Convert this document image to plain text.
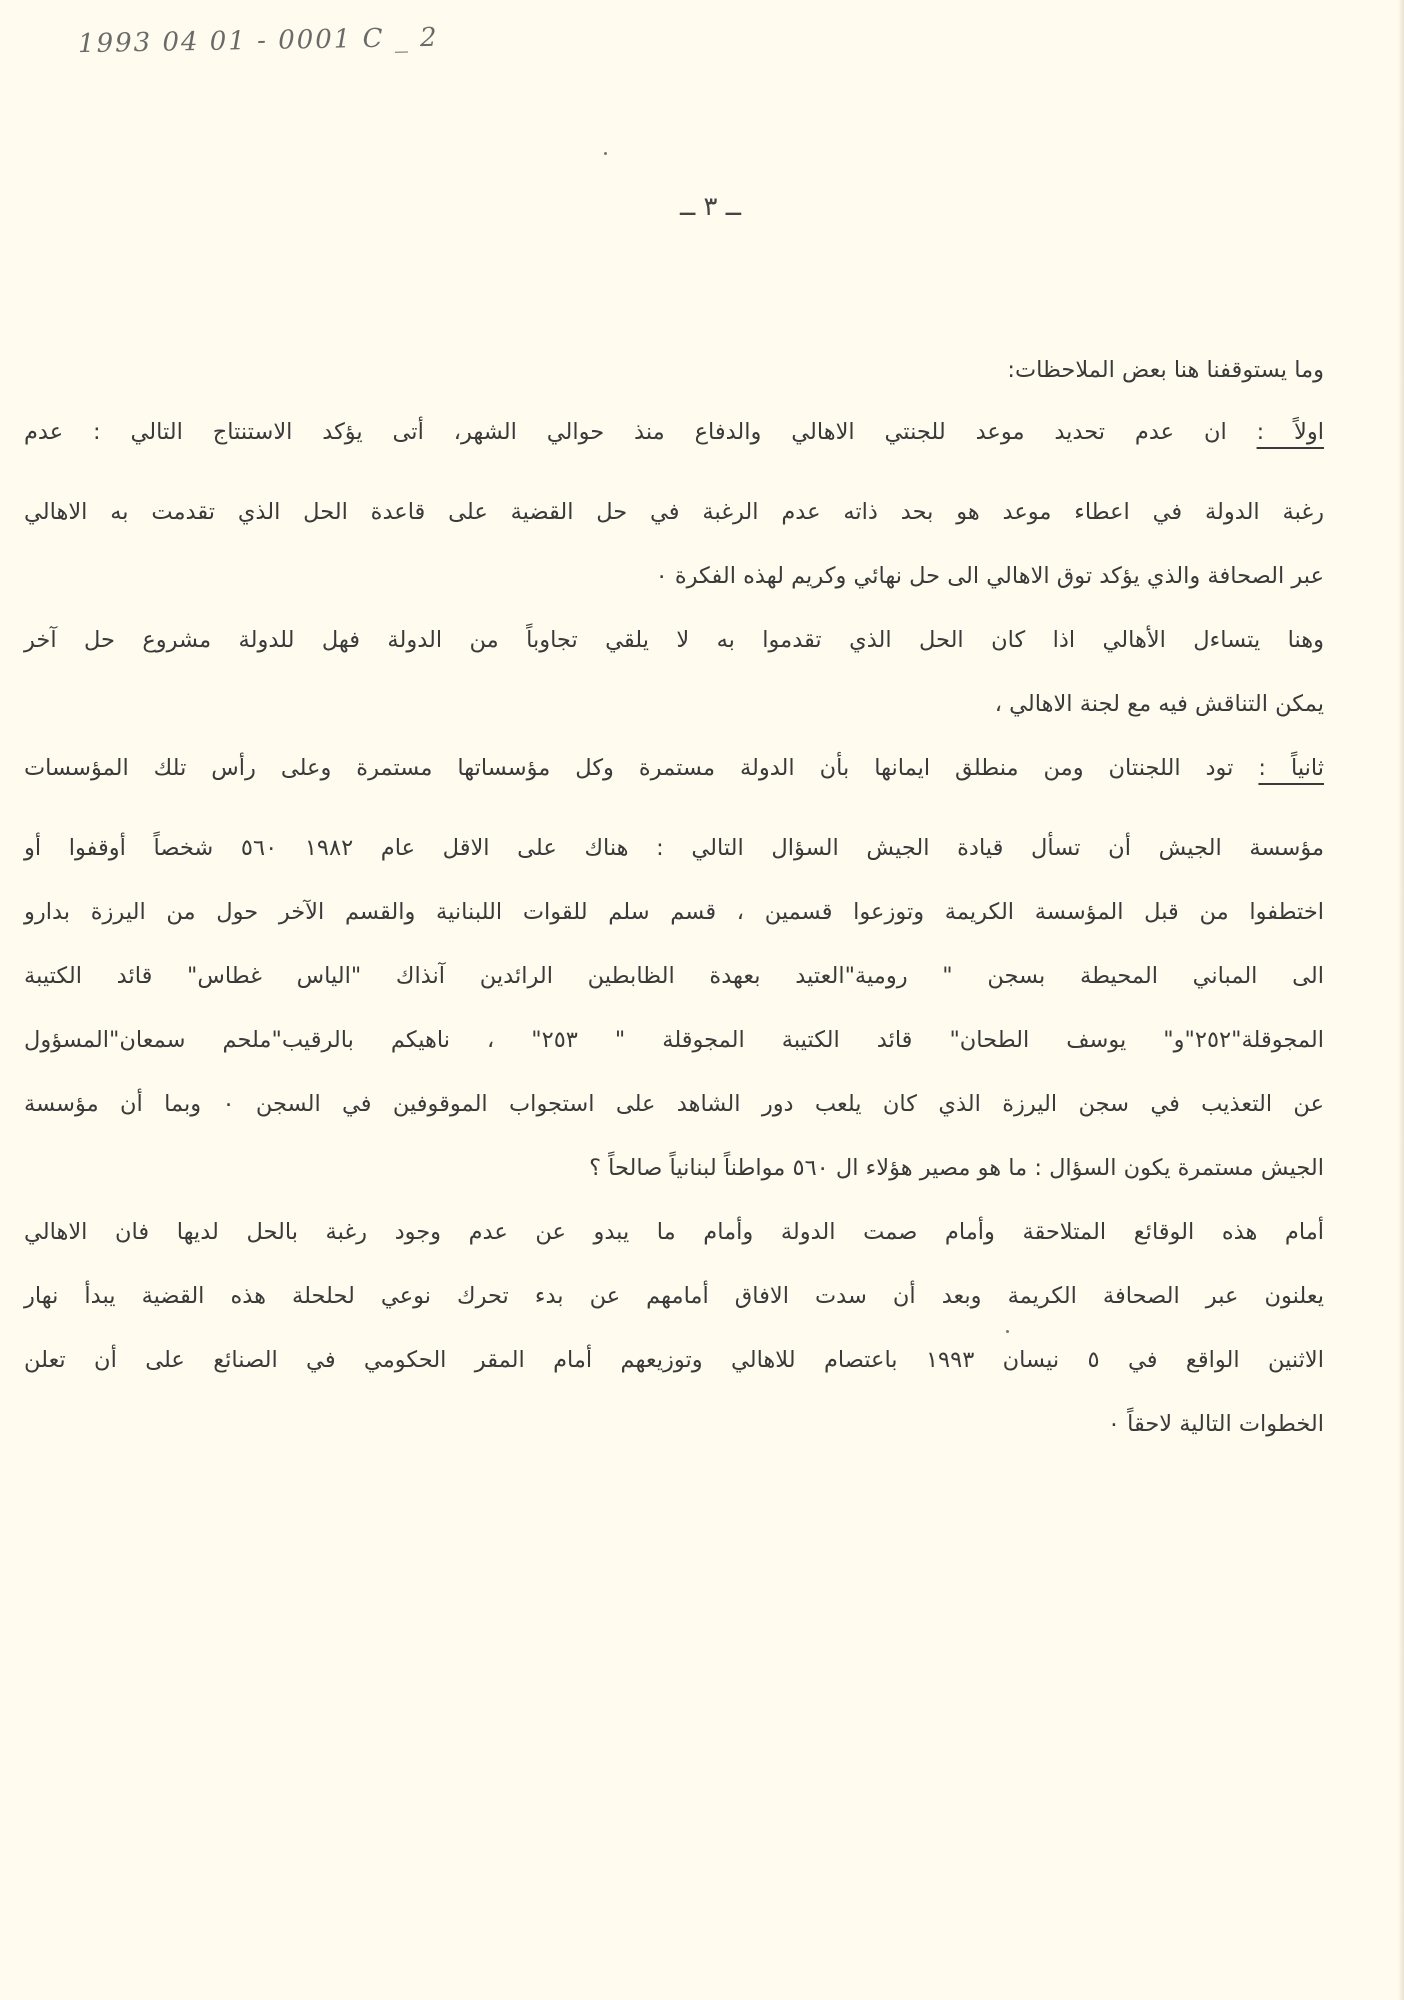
1993 04 01 - 0001 C _ 2
ــ ٣ ــ
وما يستوقفنا هنا بعض الملاحظات:
اولاً : ان عدم تحديد موعد للجنتي الاهالي والدفاع منذ حوالي الشهر، أتى يؤكد الاستنتاج التالي : عدم
رغبة الدولة في اعطاء موعد هو بحد ذاته عدم الرغبة في حل القضية على قاعدة الحل الذي تقدمت به الاهالي
عبر الصحافة والذي يؤكد توق الاهالي الى حل نهائي وكريم لهذه الفكرة ٠
وهنا يتساءل الأهالي اذا كان الحل الذي تقدموا به لا يلقي تجاوباً من الدولة فهل للدولة مشروع حل آخر
يمكن التناقش فيه مع لجنة الاهالي ،
ثانياً : تود اللجنتان ومن منطلق ايمانها بأن الدولة مستمرة وكل مؤسساتها مستمرة وعلى رأس تلك المؤسسات
مؤسسة الجيش أن تسأل قيادة الجيش السؤال التالي : هناك على الاقل عام ١٩٨٢ ٥٦٠ شخصاً أوقفوا أو
اختطفوا من قبل المؤسسة الكريمة وتوزعوا قسمين ، قسم سلم للقوات اللبنانية والقسم الآخر حول من اليرزة بدارو
الى المباني المحيطة بسجن " رومية"العتيد بعهدة الظابطين الرائدين آنذاك "الياس غطاس" قائد الكتيبة
المجوقلة"٢٥٢"و" يوسف الطحان" قائد الكتيبة المجوقلة " ٢٥٣" ، ناهيكم بالرقيب"ملحم سمعان"المسؤول
عن التعذيب في سجن اليرزة الذي كان يلعب دور الشاهد على استجواب الموقوفين في السجن ٠ وبما أن مؤسسة
الجيش مستمرة يكون السؤال : ما هو مصير هؤلاء ال ٥٦٠ مواطناً لبنانياً صالحاً ؟
أمام هذه الوقائع المتلاحقة وأمام صمت الدولة وأمام ما يبدو عن عدم وجود رغبة بالحل لديها فان الاهالي
يعلنون عبر الصحافة الكريمة وبعد أن سدت الافاق أمامهم عن بدء تحرك نوعي لحلحلة هذه القضية يبدأ نهار
الاثنين الواقع في ٥ نيسان ١٩٩٣ باعتصام للاهالي وتوزيعهم أمام المقر الحكومي في الصنائع على أن تعلن
الخطوات التالية لاحقاً ٠
